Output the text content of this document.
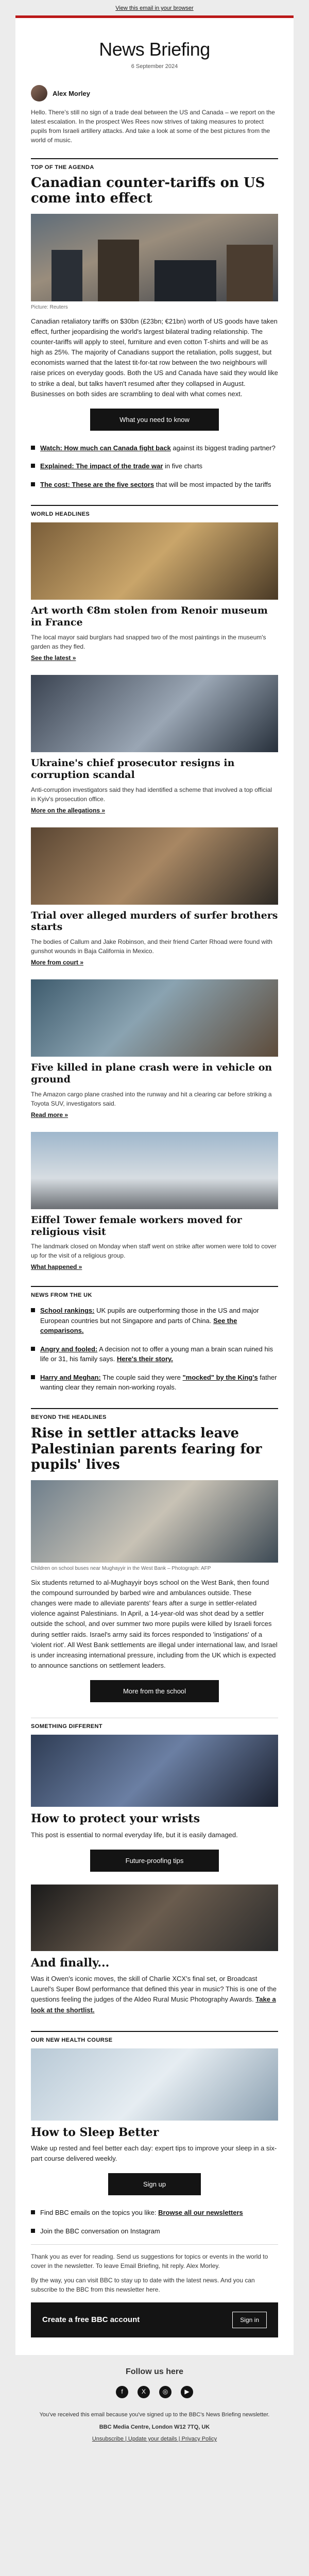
View this email in your browser
News Briefing
6 September 2024
Alex Morley

Hello. There’s still no sign of a trade deal between the US and Canada – we report on the latest escalation. In the prospect Wes Rees now strives of taking measures to protect pupils from Israeli artillery attacks. And take a look at some of the best pictures from the world of music.

TOP OF THE AGENDA
Canadian counter-tariffs on US come into effect
Picture: Reuters

Canadian retaliatory tariffs on $30bn (£23bn; €21bn) worth of US goods have taken effect, further jeopardising the world's largest bilateral trading relationship. The counter-tariffs will apply to steel, furniture and even cotton T-shirts and will be as high as 25%. The majority of Canadians support the retaliation, polls suggest, but economists warned that the latest tit-for-tat row between the two neighbours will raise prices on everyday goods. Both the US and Canada have said they would like to strike a deal, but talks haven't resumed after they collapsed in August. Businesses on both sides are scrambling to deal with what comes next.

What you need to know
Watch: How much can Canada fight back against its biggest trading partner?
Explained: The impact of the trade war in five charts
The cost: These are the five sectors that will be most impacted by the tariffs
WORLD HEADLINES
Art worth €8m stolen from Renoir museum in France

The local mayor said burglars had snapped two of the most paintings in the museum's garden as they fled.

See the latest »
Ukraine's chief prosecutor resigns in corruption scandal

Anti-corruption investigators said they had identified a scheme that involved a top official in Kyiv's prosecution office.

More on the allegations »
Trial over alleged murders of surfer brothers starts

The bodies of Callum and Jake Robinson, and their friend Carter Rhoad were found with gunshot wounds in Baja California in Mexico.

More from court »
Five killed in plane crash were in vehicle on ground

The Amazon cargo plane crashed into the runway and hit a clearing car before striking a Toyota SUV, investigators said.

Read more »
Eiffel Tower female workers moved for religious visit

The landmark closed on Monday when staff went on strike after women were told to cover up for the visit of a religious group.

What happened »
NEWS FROM THE UK
School rankings: UK pupils are outperforming those in the US and major European countries but not Singapore and parts of China. See the comparisons.
Angry and fooled: A decision not to offer a young man a brain scan ruined his life or 31, his family says. Here's their story.
Harry and Meghan: The couple said they were "mocked" by the King's father wanting clear they remain non-working royals.
BEYOND THE HEADLINES
Rise in settler attacks leave Palestinian parents fearing for pupils' lives
Children on school buses near Mughayyir in the West Bank – Photograph: AFP

Six students returned to al-Mughayyir boys school on the West Bank, then found the compound surrounded by barbed wire and ambulances outside. These changes were made to alleviate parents' fears after a surge in settler-related violence against Palestinians. In April, a 14-year-old was shot dead by a settler outside the school, and over summer two more pupils were killed by Israeli forces during settler raids. Israel's army said its forces responded to 'instigations' of a 'violent riot'. All West Bank settlements are illegal under international law, and Israel is under increasing international pressure, including from the UK which is expected to announce sanctions on settlement leaders.

More from the school
SOMETHING DIFFERENT
How to protect your wrists

This post is essential to normal everyday life, but it is easily damaged.

Future-proofing tips
And finally...

Was it Owen's iconic moves, the skill of Charlie XCX's final set, or Broadcast Laurel's Super Bowl performance that defined this year in music? This is one of the questions feeling the judges of the Aldeo Rural Music Photography Awards. Take a look at the shortlist.

OUR NEW HEALTH COURSE
How to Sleep Better

Wake up rested and feel better each day: expert tips to improve your sleep in a six-part course delivered weekly.

Sign up
Find BBC emails on the topics you like: Browse all our newsletters
Join the BBC conversation on Instagram

Thank you as ever for reading. Send us suggestions for topics or events in the world to cover in the newsletter. To leave Email Briefing, hit reply. Alex Morley.

By the way, you can visit BBC to stay up to date with the latest news. And you can subscribe to the BBC from this newsletter here.

Create a free BBC account	Sign in
Follow us here
f	X	◎	▶
You've received this email because you've signed up to the BBC's News Briefing newsletter.
BBC Media Centre, London W12 7TQ, UK
Unsubscribe | Update your details | Privacy Policy
